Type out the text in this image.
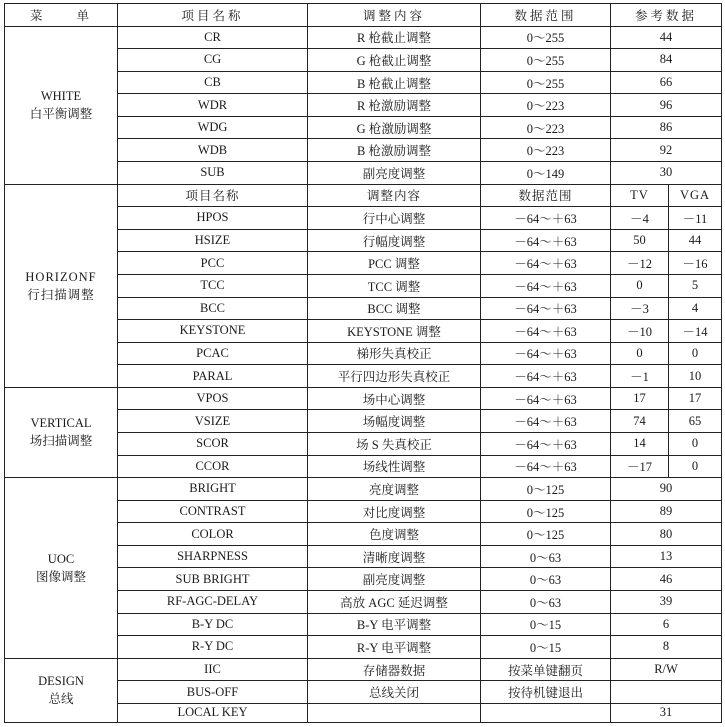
菜　　单	项目名称	调整内容	数据范围	参考数据	

WHITE
白平衡调整	CR	R 枪截止调整	0～255	44	
	CG	G 枪截止调整	0～255	84	
	CB	B 枪截止调整	0～255	66	
	WDR	R 枪激励调整	0～223	96	
	WDG	G 枪激励调整	0～223	86	
	WDB	B 枪激励调整	0～223	92	
	SUB	副亮度调整	0～149	30	

HORIZONF
行扫描调整	项目名称	调整内容	数据范围	TV	VGA
	HPOS	行中心调整	－64～＋63	－4	－11
	HSIZE	行幅度调整	－64～＋63	50	44
	PCC	PCC 调整	－64～＋63	－12	－16
	TCC	TCC 调整	－64～＋63	0	5
	BCC	BCC 调整	－64～＋63	－3	4
	KEYSTONE	KEYSTONE 调整	－64～＋63	－10	－14
	PCAC	梯形失真校正	－64～＋63	0	0
	PARAL	平行四边形失真校正	－64～＋63	－1	10

VERTICAL
场扫描调整	VPOS	场中心调整	－64～＋63	17	17
	VSIZE	场幅度调整	－64～＋63	74	65
	SCOR	场 S 失真校正	－64～＋63	14	0
	CCOR	场线性调整	－64～＋63	－17	0

UOC
图像调整	BRIGHT	亮度调整	0～125	90	
	CONTRAST	对比度调整	0～125	89	
	COLOR	色度调整	0～125	80	
	SHARPNESS	清晰度调整	0～63	13	
	SUB BRIGHT	副亮度调整	0～63	46	
	RF-AGC-DELAY	高放 AGC 延迟调整	0～63	39	
	B-Y DC	B-Y 电平调整	0～15	6	
	R-Y DC	R-Y 电平调整	0～15	8	

DESIGN
总线	IIC	存储器数据	按菜单键翻页	R/W	
	BUS-OFF	总线关闭	按待机键退出		
	LOCAL KEY			31	
